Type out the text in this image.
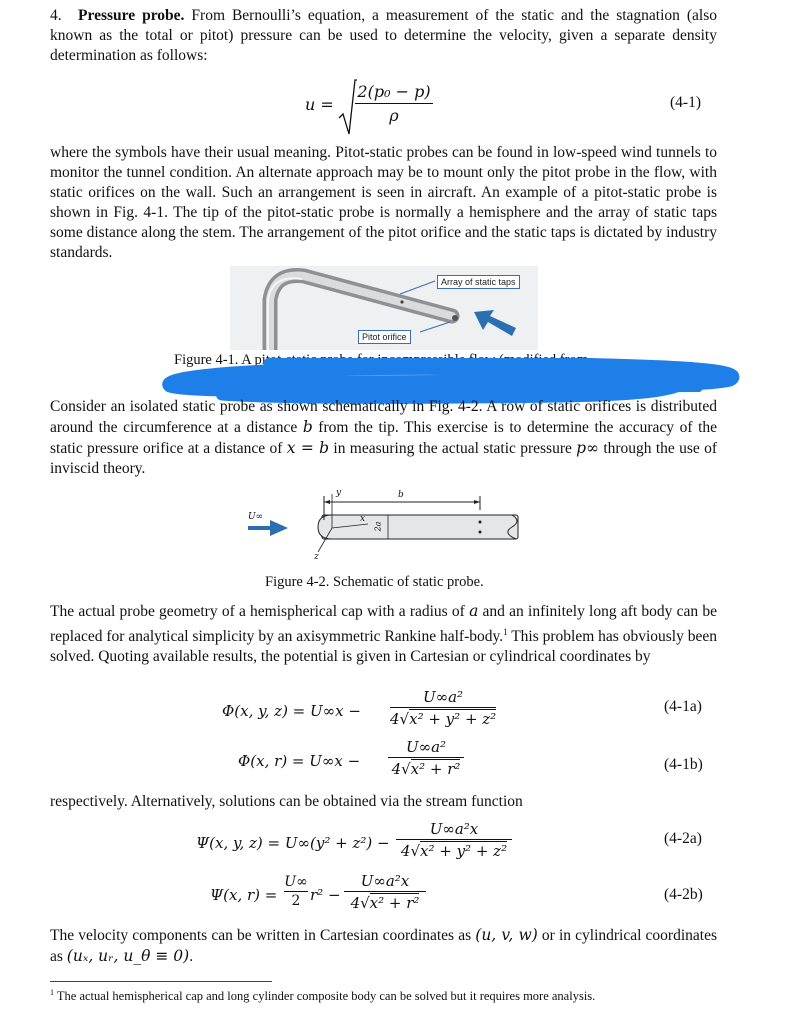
4. Pressure probe. From Bernoulli’s equation, a measurement of the static and the stagnation (also known as the total or pitot) pressure can be used to determine the velocity, given a separate density determination as follows:
u =
2(p₀ − p)
ρ
(4-1)

where the symbols have their usual meaning. Pitot-static probes can be found in low-speed wind tunnels to monitor the tunnel condition. An alternate approach may be to mount only the pitot probe in the flow, with static orifices on the wall. Such an arrangement is seen in aircraft. An example of a pitot-static probe is shown in Fig. 4-1. The tip of the pitot-static probe is normally a hemisphere and the array of static taps some distance along the stem. The arrangement of the pitot orifice and the static taps is dictated by industry standards.

Array of static taps
Pitot orifice
Figure 4-1. A pitot-static probe for incompressible flow (modified from

Consider an isolated static probe as shown schematically in Fig. 4-2. A row of static orifices is distributed around the circumference at a distance b from the tip. This exercise is to determine the accuracy of the static pressure orifice at a distance of x = b in measuring the actual static pressure p∞ through the use of inviscid theory.

U∞
y
x
z
b
2a
Figure 4-2. Schematic of static probe.

The actual probe geometry of a hemispherical cap with a radius of a and an infinitely long aft body can be replaced for analytical simplicity by an axisymmetric Rankine half-body.$^1$ This problem has obviously been solved. Quoting available results, the potential is given in Cartesian or cylindrical coordinates by

Φ(x, y, z) = U∞x −
U∞a²
4√x² + y² + z²
(4-1a)
Φ(x, r) = U∞x −
U∞a²
4√x² + r²	(4-1b)

respectively. Alternatively, solutions can be obtained via the stream function

Ψ(x, y, z) = U∞(y² + z²) −
U∞a²x
4√x² + y² + z²
(4-2a)
Ψ(x, r) =
U∞
2 r² −
U∞a²x
4√x² + r²	(4-2b)

The velocity components can be written in Cartesian coordinates as (u, v, w) or in cylindrical coordinates as (uₓ, uᵣ, u_θ ≡ 0).

$^1$ The actual hemispherical cap and long cylinder composite body can be solved but it requires more analysis.
